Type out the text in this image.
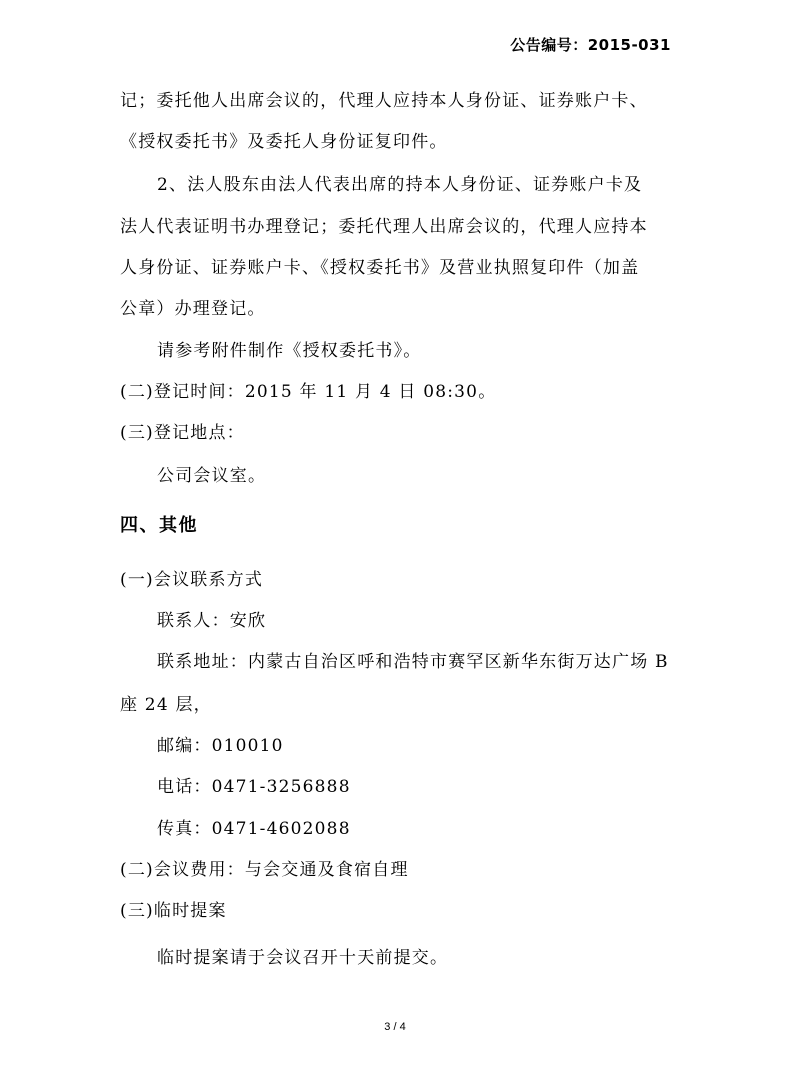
公告编号：2015-031
记；委托他人出席会议的，代理人应持本人身份证、证券账户卡、
《授权委托书》及委托人身份证复印件。
2、法人股东由法人代表出席的持本人身份证、证券账户卡及
法人代表证明书办理登记；委托代理人出席会议的，代理人应持本
人身份证、证券账户卡、《授权委托书》及营业执照复印件（加盖
公章）办理登记。
请参考附件制作《授权委托书》。
(二)登记时间：2015 年 11 月 4 日 08:30。
(三)登记地点：
公司会议室。
四、其他
(一)会议联系方式
联系人：安欣
联系地址：内蒙古自治区呼和浩特市赛罕区新华东街万达广场 B
座 24 层，
邮编：010010
电话：0471-3256888
传真：0471-4602088
(二)会议费用：与会交通及食宿自理
(三)临时提案
临时提案请于会议召开十天前提交。
3 / 4
